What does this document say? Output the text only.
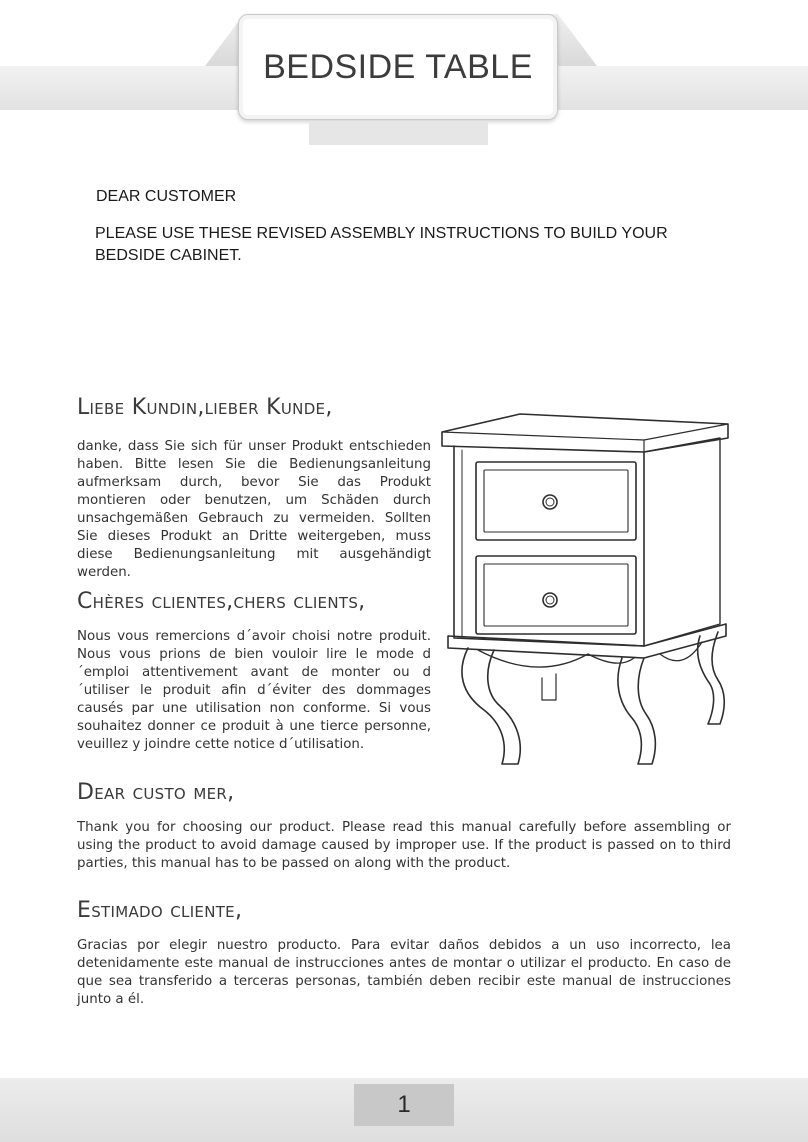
BEDSIDE TABLE
DEAR CUSTOMER
PLEASE USE THESE REVISED ASSEMBLY INSTRUCTIONS TO BUILD YOUR BEDSIDE CABINET.
Liebe Kundin,lieber Kunde,
danke, dass Sie sich für unser Produkt entschieden haben. Bitte lesen Sie die Bedienungsanleitung aufmerksam durch, bevor Sie das Produkt montieren oder benutzen, um Schäden durch unsachgemäßen Gebrauch zu vermeiden. Sollten Sie dieses Produkt an Dritte weitergeben, muss diese Bedienungsanleitung mit ausgehändigt werden.
Chères clientes,chers clients,
Nous vous remercions d´avoir choisi notre produit. Nous vous prions de bien vouloir lire le mode d´emploi attentivement avant de monter ou d´utiliser le produit afin d´éviter des dommages causés par une utilisation non conforme. Si vous souhaitez donner ce produit à une tierce personne, veuillez y joindre cette notice d´utilisation.
Dear custo mer,
Thank you for choosing our product. Please read this manual carefully before assembling or using the product to avoid damage caused by improper use. If the product is passed on to third parties, this manual has to be passed on along with the product.
Estimado cliente,
Gracias por elegir nuestro producto. Para evitar daños debidos a un uso incorrecto, lea detenidamente este manual de instrucciones antes de montar o utilizar el producto. En caso de que sea transferido a terceras personas, también deben recibir este manual de instrucciones junto a él.
1
